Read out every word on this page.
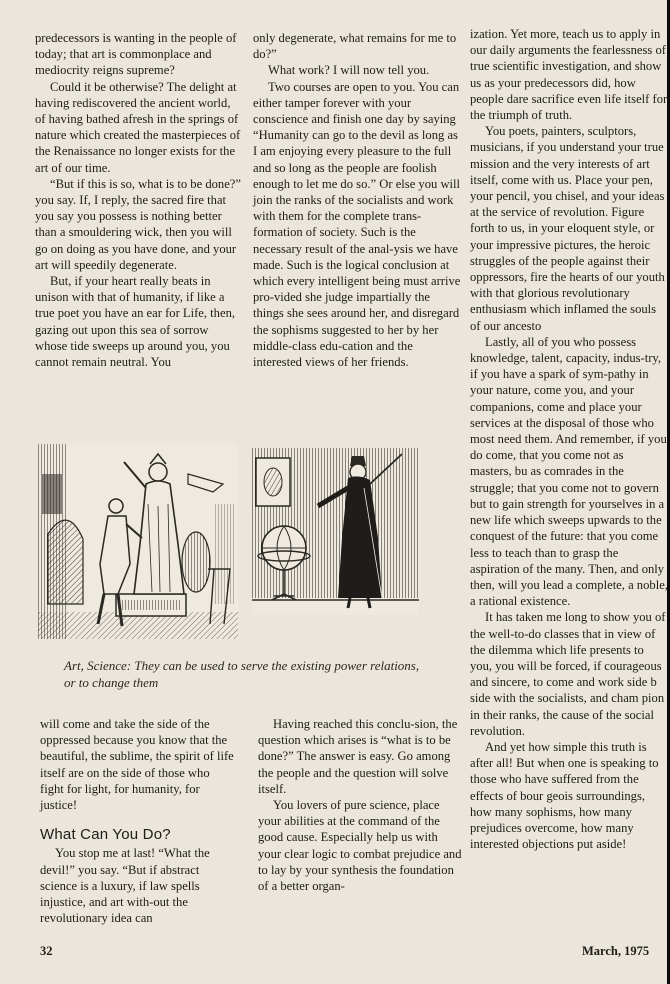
predecessors is wanting in the people of today; that art is commonplace and mediocrity reigns supreme?

Could it be otherwise? The delight at having rediscovered the ancient world, of having bathed afresh in the springs of nature which created the masterpieces of the Renaissance no longer exists for the art of our time.

“But if this is so, what is to be done?” you say. If, I reply, the sacred fire that you say you possess is nothing better than a smouldering wick, then you will go on doing as you have done, and your art will speedily degenerate.

But, if your heart really beats in unison with that of humanity, if like a true poet you have an ear for Life, then, gazing out upon this sea of sorrow whose tide sweeps up around you, you cannot remain neutral. You

only degenerate, what remains for me to do?”

What work? I will now tell you.

Two courses are open to you. You can either tamper forever with your conscience and finish one day by saying “Humanity can go to the devil as long as I am enjoying every pleasure to the full and so long as the people are foolish enough to let me do so.” Or else you will join the ranks of the socialists and work with them for the complete trans-formation of society. Such is the necessary result of the anal-ysis we have made. Such is the logical conclusion at which every intelligent being must arrive pro-vided she judge impartially the things she sees around her, and disregard the sophisms suggested to her by her middle-class edu-cation and the interested views of her friends.

ization. Yet more, teach us to apply in our daily arguments the fearlessness of true scientific investigation, and show us as your predecessors did, how people dare sacrifice even life itself for the triumph of truth.

You poets, painters, sculptors, musicians, if you understand your true mission and the very interests of art itself, come with us. Place your pen, your pencil, you chisel, and your ideas at the service of revolution. Figure forth to us, in your eloquent style, or your impressive pictures, the heroic struggles of the people against their oppressors, fire the hearts of our youth with that glorious revolutionary enthusiasm which inflamed the souls of our ancesto

Lastly, all of you who possess knowledge, talent, capacity, indus-try, if you have a spark of sym-pathy in your nature, come you, and your companions, come and place your services at the disposal of those who most need them. And remember, if you do come, that you come not as masters, bu as comrades in the struggle; that you come not to govern but to gain strength for yourselves in a new life which sweeps upwards to the conquest of the future: that you come less to teach than to grasp the aspiration of the many. Then, and only then, will you lead a complete, a noble, a rational existence.

It has taken me long to show you of the well-to-do classes that in view of the dilemma which life presents to you, you will be forced, if courageous and sincere, to come and work side b side with the socialists, and cham pion in their ranks, the cause of the social revolution.

And yet how simple this truth is after all! But when one is speaking to those who have suffered from the effects of bour geois surroundings, how many sophisms, how many prejudices overcome, how many interested objections put aside!

Art, Science: They can be used to serve the existing power relations, or to change them

will come and take the side of the oppressed because you know that the beautiful, the sublime, the spirit of life itself are on the side of those who fight for light, for humanity, for justice!

What Can You Do?

You stop me at last! “What the devil!” you say. “But if abstract science is a luxury, if law spells injustice, and art with-out the revolutionary idea can

Having reached this conclu-sion, the question which arises is “what is to be done?” The answer is easy. Go among the people and the question will solve itself.

You lovers of pure science, place your abilities at the command of the good cause. Especially help us with your clear logic to combat prejudice and to lay by your synthesis the foundation of a better organ-

32	March, 1975
